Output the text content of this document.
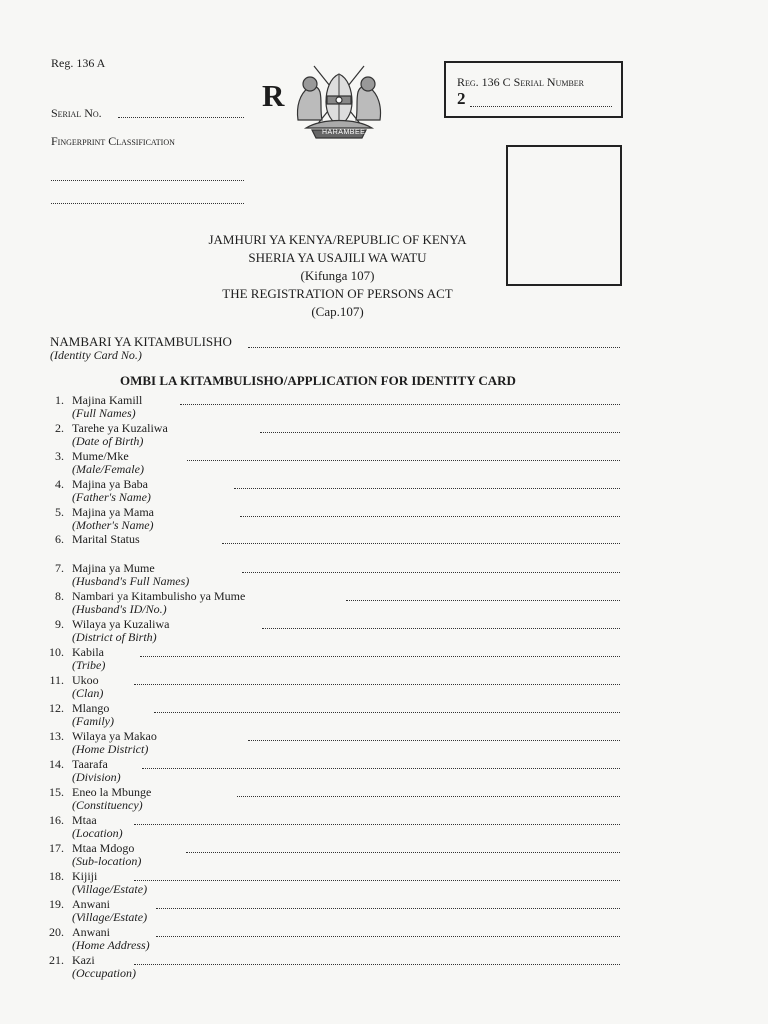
Reg. 136 A
Serial No.
Fingerprint Classification
R
HARAMBEE
Reg. 136 C Serial Number
2
JAMHURI YA KENYA/REPUBLIC OF KENYA
SHERIA YA USAJILI WA WATU
(Kifunga 107)
THE REGISTRATION OF PERSONS ACT
(Cap.107)
NAMBARI YA KITAMBULISHO
(Identity Card No.)
OMBI LA KITAMBULISHO/APPLICATION FOR IDENTITY CARD
1. Majina Kamill
(Full Names)
2. Tarehe ya Kuzaliwa
(Date of Birth)
3. Mume/Mke
(Male/Female)
4. Majina ya Baba
(Father's Name)
5. Majina ya Mama
(Mother's Name)
6. Marital Status
7. Majina ya Mume
(Husband's Full Names)
8. Nambari ya Kitambulisho ya Mume
(Husband's ID/No.)
9. Wilaya ya Kuzaliwa
(District of Birth)
10. Kabila
(Tribe)
11. Ukoo
(Clan)
12. Mlango
(Family)
13. Wilaya ya Makao
(Home District)
14. Taarafa
(Division)
15. Eneo la Mbunge
(Constituency)
16. Mtaa
(Location)
17. Mtaa Mdogo
(Sub-location)
18. Kijiji
(Village/Estate)
19. Anwani
(Village/Estate)
20. Anwani
(Home Address)
21. Kazi
(Occupation)
